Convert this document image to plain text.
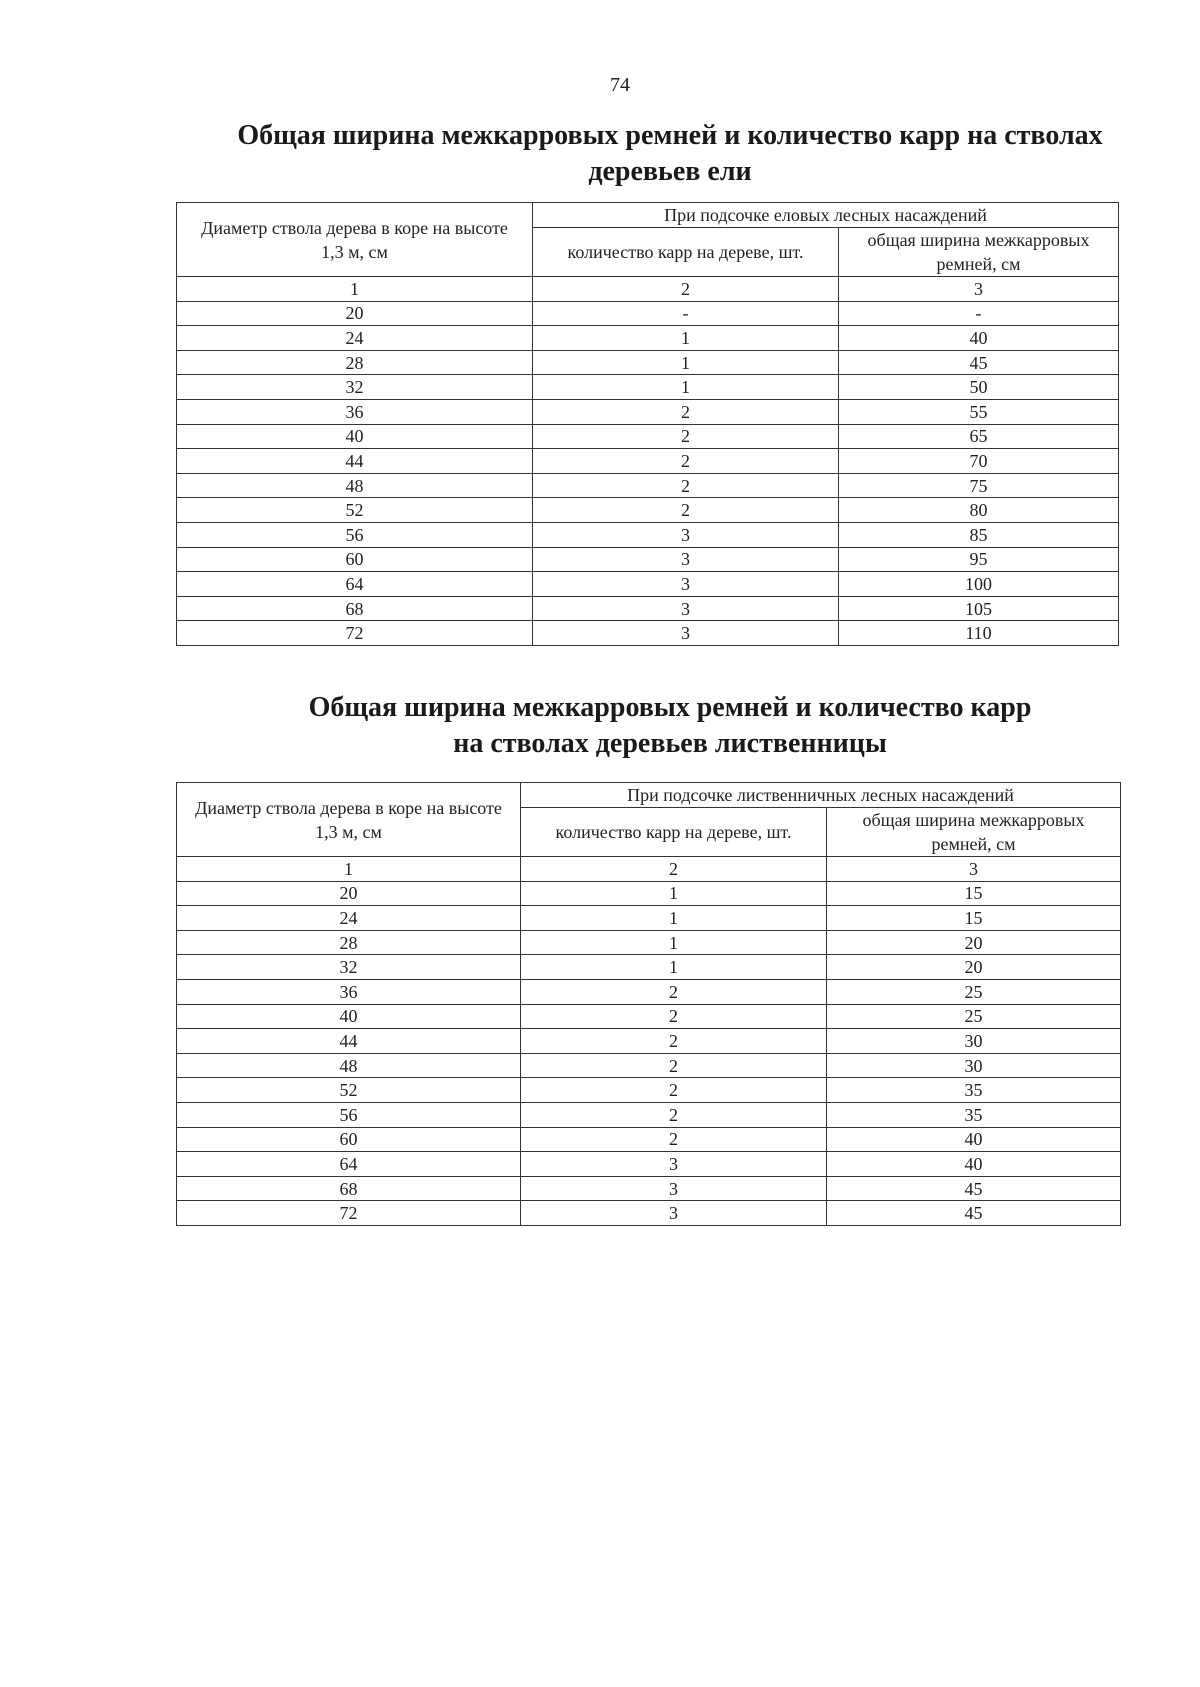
74
Общая ширина межкарровых ремней и количество карр на стволах
деревьев ели
Диаметр ствола дерева в коре на высоте 1,3 м, см	При подсочке еловых лесных насаждений	
	количество карр на дереве, шт.	общая ширина межкарровых ремней, см
1	2	3
20	-	-
24	1	40
28	1	45
32	1	50
36	2	55
40	2	65
44	2	70
48	2	75
52	2	80
56	3	85
60	3	95
64	3	100
68	3	105
72	3	110
Общая ширина межкарровых ремней и количество карр
на стволах деревьев лиственницы
Диаметр ствола дерева в коре на высоте 1,3 м, см	При подсочке лиственничных лесных насаждений	
	количество карр на дереве, шт.	общая ширина межкарровых ремней, см
1	2	3
20	1	15
24	1	15
28	1	20
32	1	20
36	2	25
40	2	25
44	2	30
48	2	30
52	2	35
56	2	35
60	2	40
64	3	40
68	3	45
72	3	45
